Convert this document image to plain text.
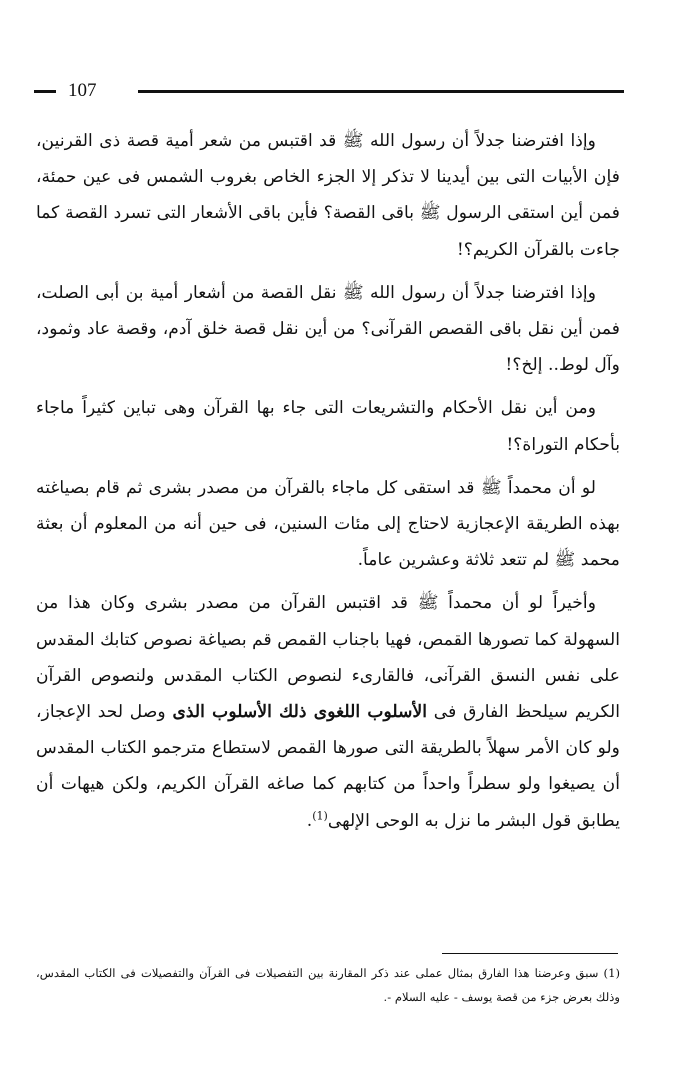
107

وإذا افترضنا جدلاً أن رسول الله ﷺ قد اقتبس من شعر أمية قصة ذى القرنين، فإن الأبيات التى بين أيدينا لا تذكر إلا الجزء الخاص بغروب الشمس فى عين حمئة، فمن أين استقى الرسول ﷺ باقى القصة؟ فأين باقى الأشعار التى تسرد القصة كما جاءت بالقرآن الكريم؟!

وإذا افترضنا جدلاً أن رسول الله ﷺ نقل القصة من أشعار أمية بن أبى الصلت، فمن أين نقل باقى القصص القرآنى؟ من أين نقل قصة خلق آدم، وقصة عاد وثمود، وآل لوط.. إلخ؟!

ومن أين نقل الأحكام والتشريعات التى جاء بها القرآن وهى تباين كثيراً ماجاء بأحكام التوراة؟!

لو أن محمداً ﷺ قد استقى كل ماجاء بالقرآن من مصدر بشرى ثم قام بصياغته بهذه الطريقة الإعجازية لاحتاج إلى مئات السنين، فى حين أنه من المعلوم أن بعثة محمد ﷺ لم تتعد ثلاثة وعشرين عاماً.

وأخيراً لو أن محمداً ﷺ قد اقتبس القرآن من مصدر بشرى وكان هذا من السهولة كما تصورها القمص، فهيا باجناب القمص قم بصياغة نصوص كتابك المقدس على نفس النسق القرآنى، فالقارىء لنصوص الكتاب المقدس ولنصوص القرآن الكريم سيلحظ الفارق فى الأسلوب اللغوى ذلك الأسلوب الذى وصل لحد الإعجاز، ولو كان الأمر سهلاً بالطريقة التى صورها القمص لاستطاع مترجمو الكتاب المقدس أن يصيغوا ولو سطراً واحداً من كتابهم كما صاغه القرآن الكريم، ولكن هيهات أن يطابق قول البشر ما نزل به الوحى الإلهى$^{(1)}$.

(1) سبق وعرضنا هذا الفارق بمثال عملى عند ذكر المقارنة بين التفصيلات فى القرآن والتفصيلات فى الكتاب المقدس، وذلك بعرض جزء من قصة يوسف - عليه السلام -.
